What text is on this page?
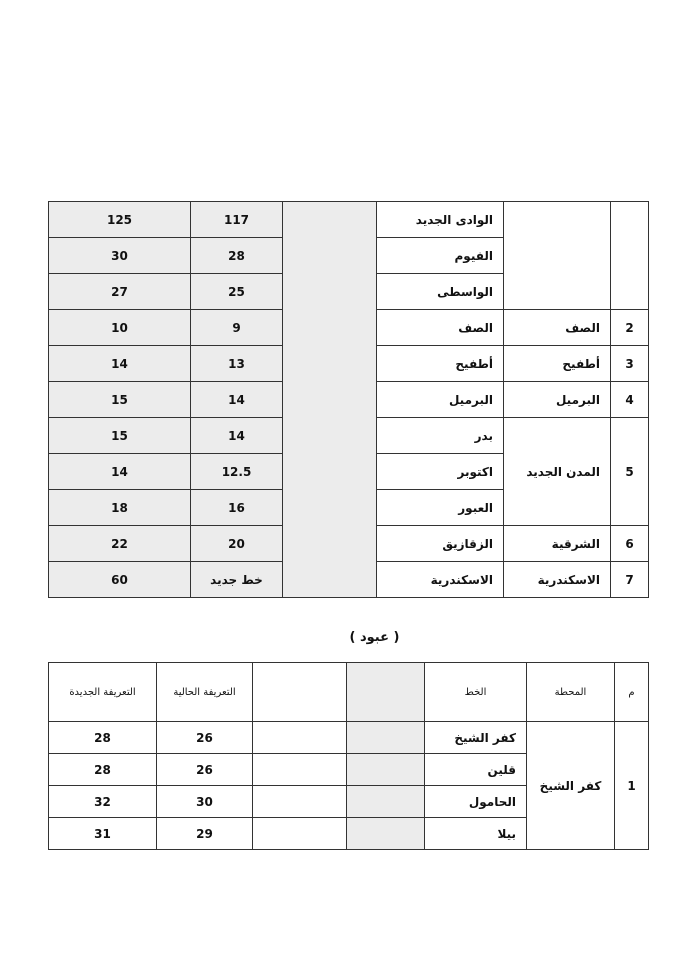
125	117		الوادى الجديد		
30	28		الفيوم		
27	25		الواسطى		
10	9		الصف	الصف	2
14	13		أطفيح	أطفيح	3
15	14		البرميل	البرميل	4
15	14		بدر	المدن الجديد	5
14	12.5		اكتوبر		
18	16		العبور		
22	20		الزقازيق	الشرقية	6
60	خط جديد		الاسكندرية	الاسكندرية	7
( عبود )
التعريفة الجديدة	التعريفة الحالية			الخط	المحطة	م
28	26			كفر الشيخ	كفر الشيخ	1
28	26			قلين		
32	30			الحامول		
31	29			بيلا		
